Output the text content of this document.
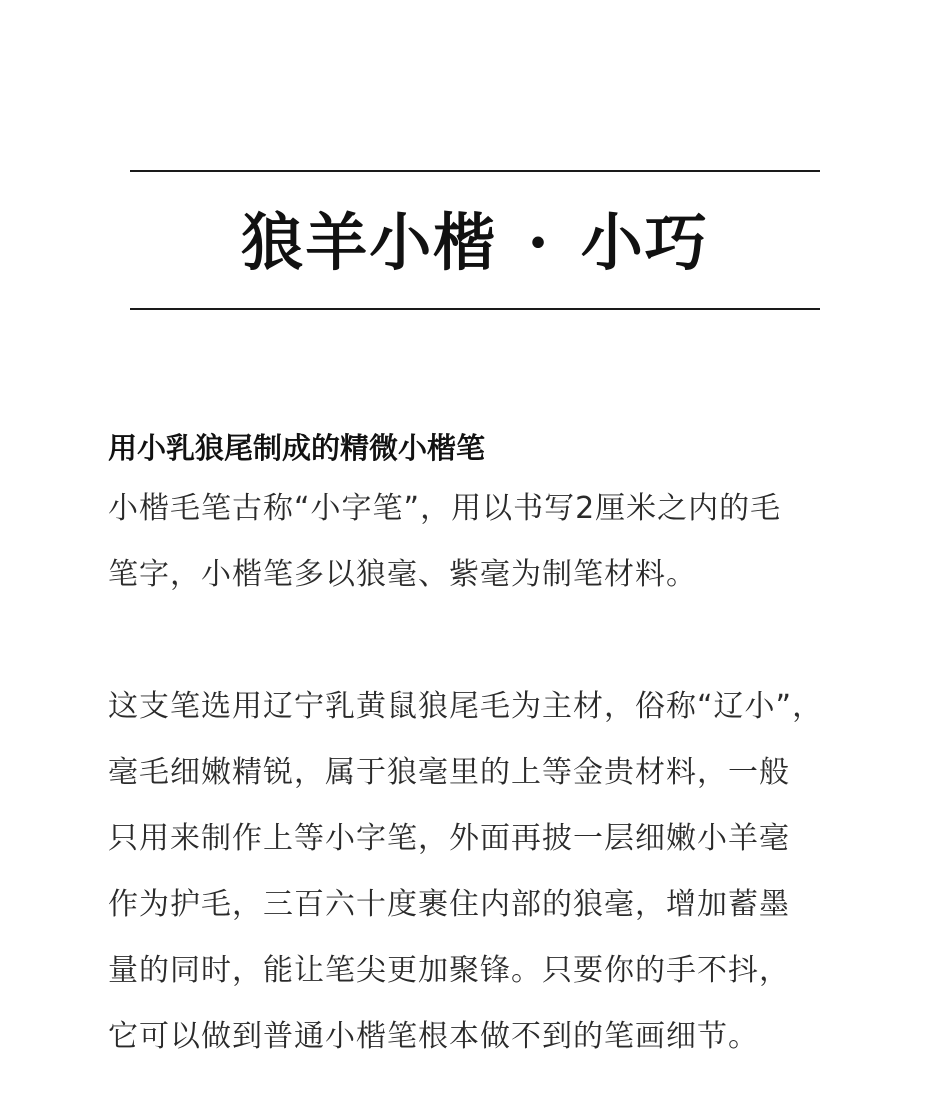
狼羊小楷 · 小巧
用小乳狼尾制成的精微小楷笔

小楷毛笔古称“小字笔”，用以书写2厘米之内的毛
笔字，小楷笔多以狼毫、紫毫为制笔材料。

这支笔选用辽宁乳黄鼠狼尾毛为主材，俗称“辽小”，
毫毛细嫩精锐，属于狼毫里的上等金贵材料，一般
只用来制作上等小字笔，外面再披一层细嫩小羊毫
作为护毛，三百六十度裹住内部的狼毫，增加蓄墨
量的同时，能让笔尖更加聚锋。只要你的手不抖，
它可以做到普通小楷笔根本做不到的笔画细节。
